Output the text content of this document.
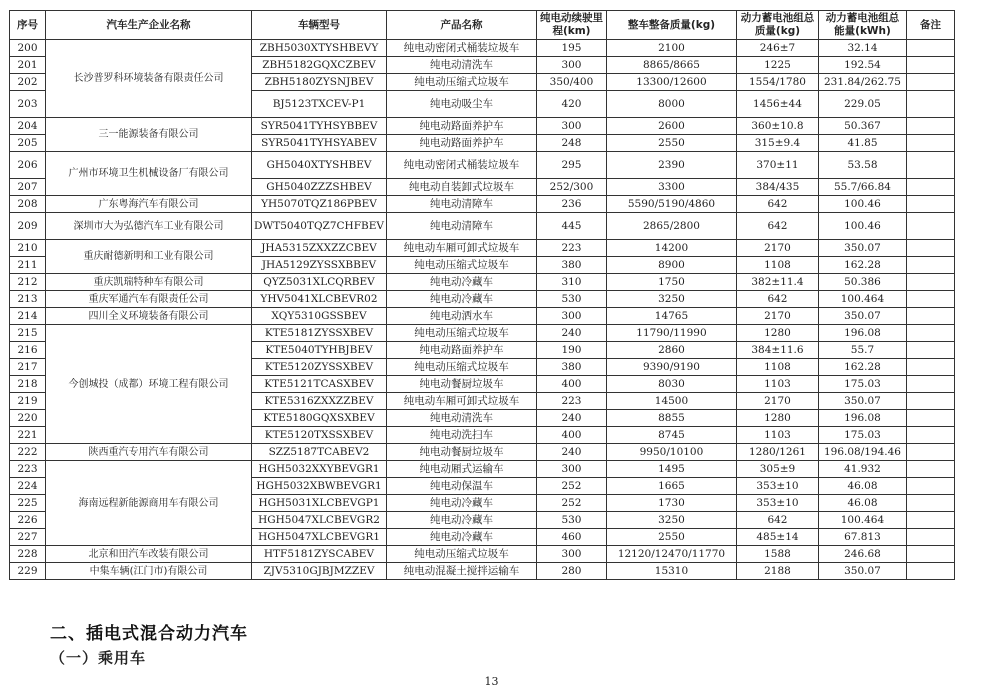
序号	汽车生产企业名称	车辆型号	产品名称	纯电动续驶里程(km)	整车整备质量(kg)	动力蓄电池组总质量(kg)	动力蓄电池组总能量(kWh)	备注
200	长沙普罗科环境装备有限责任公司	ZBH5030XTYSHBEVY	纯电动密闭式桶装垃圾车	195	2100	246±7	32.14	
201		ZBH5182GQXCZBEV	纯电动清洗车	300	8865/8665	1225	192.54	
202		ZBH5180ZYSNJBEV	纯电动压缩式垃圾车	350/400	13300/12600	1554/1780	231.84/262.75	
203		BJ5123TXCEV-P1	纯电动吸尘车	420	8000	1456±44	229.05	
204	三一能源装备有限公司	SYR5041TYHSYBBEV	纯电动路面养护车	300	2600	360±10.8	50.367	
205		SYR5041TYHSYABEV	纯电动路面养护车	248	2550	315±9.4	41.85	
206	广州市环境卫生机械设备厂有限公司	GH5040XTYSHBEV	纯电动密闭式桶装垃圾车	295	2390	370±11	53.58	
207		GH5040ZZZSHBEV	纯电动自装卸式垃圾车	252/300	3300	384/435	55.7/66.84	
208	广东粤海汽车有限公司	YH5070TQZ186PBEV	纯电动清障车	236	5590/5190/4860	642	100.46	
209	深圳市大为弘德汽车工业有限公司	DWT5040TQZ7CHFBEV	纯电动清障车	445	2865/2800	642	100.46	
210	重庆耐德新明和工业有限公司	JHA5315ZXXZZCBEV	纯电动车厢可卸式垃圾车	223	14200	2170	350.07	
211		JHA5129ZYSSXBBEV	纯电动压缩式垃圾车	380	8900	1108	162.28	
212	重庆凯瑞特种车有限公司	QYZ5031XLCQRBEV	纯电动冷藏车	310	1750	382±11.4	50.386	
213	重庆军通汽车有限责任公司	YHV5041XLCBEVR02	纯电动冷藏车	530	3250	642	100.464	
214	四川全义环境装备有限公司	XQY5310GSSBEV	纯电动洒水车	300	14765	2170	350.07	
215	今创城投（成都）环境工程有限公司	KTE5181ZYSSXBEV	纯电动压缩式垃圾车	240	11790/11990	1280	196.08	
216		KTE5040TYHBJBEV	纯电动路面养护车	190	2860	384±11.6	55.7	
217		KTE5120ZYSSXBEV	纯电动压缩式垃圾车	380	9390/9190	1108	162.28	
218		KTE5121TCASXBEV	纯电动餐厨垃圾车	400	8030	1103	175.03	
219		KTE5316ZXXZZBEV	纯电动车厢可卸式垃圾车	223	14500	2170	350.07	
220		KTE5180GQXSXBEV	纯电动清洗车	240	8855	1280	196.08	
221		KTE5120TXSSXBEV	纯电动洗扫车	400	8745	1103	175.03	
222	陕西重汽专用汽车有限公司	SZZ5187TCABEV2	纯电动餐厨垃圾车	240	9950/10100	1280/1261	196.08/194.46	
223	海南远程新能源商用车有限公司	HGH5032XXYBEVGR1	纯电动厢式运输车	300	1495	305±9	41.932	
224		HGH5032XBWBEVGR1	纯电动保温车	252	1665	353±10	46.08	
225		HGH5031XLCBEVGP1	纯电动冷藏车	252	1730	353±10	46.08	
226		HGH5047XLCBEVGR2	纯电动冷藏车	530	3250	642	100.464	
227		HGH5047XLCBEVGR1	纯电动冷藏车	460	2550	485±14	67.813	
228	北京和田汽车改装有限公司	HTF5181ZYSCABEV	纯电动压缩式垃圾车	300	12120/12470/11770	1588	246.68	
229	中集车辆(江门市)有限公司	ZJV5310GJBJMZZEV	纯电动混凝土搅拌运输车	280	15310	2188	350.07	
二、插电式混合动力汽车
（一）乘用车
13
